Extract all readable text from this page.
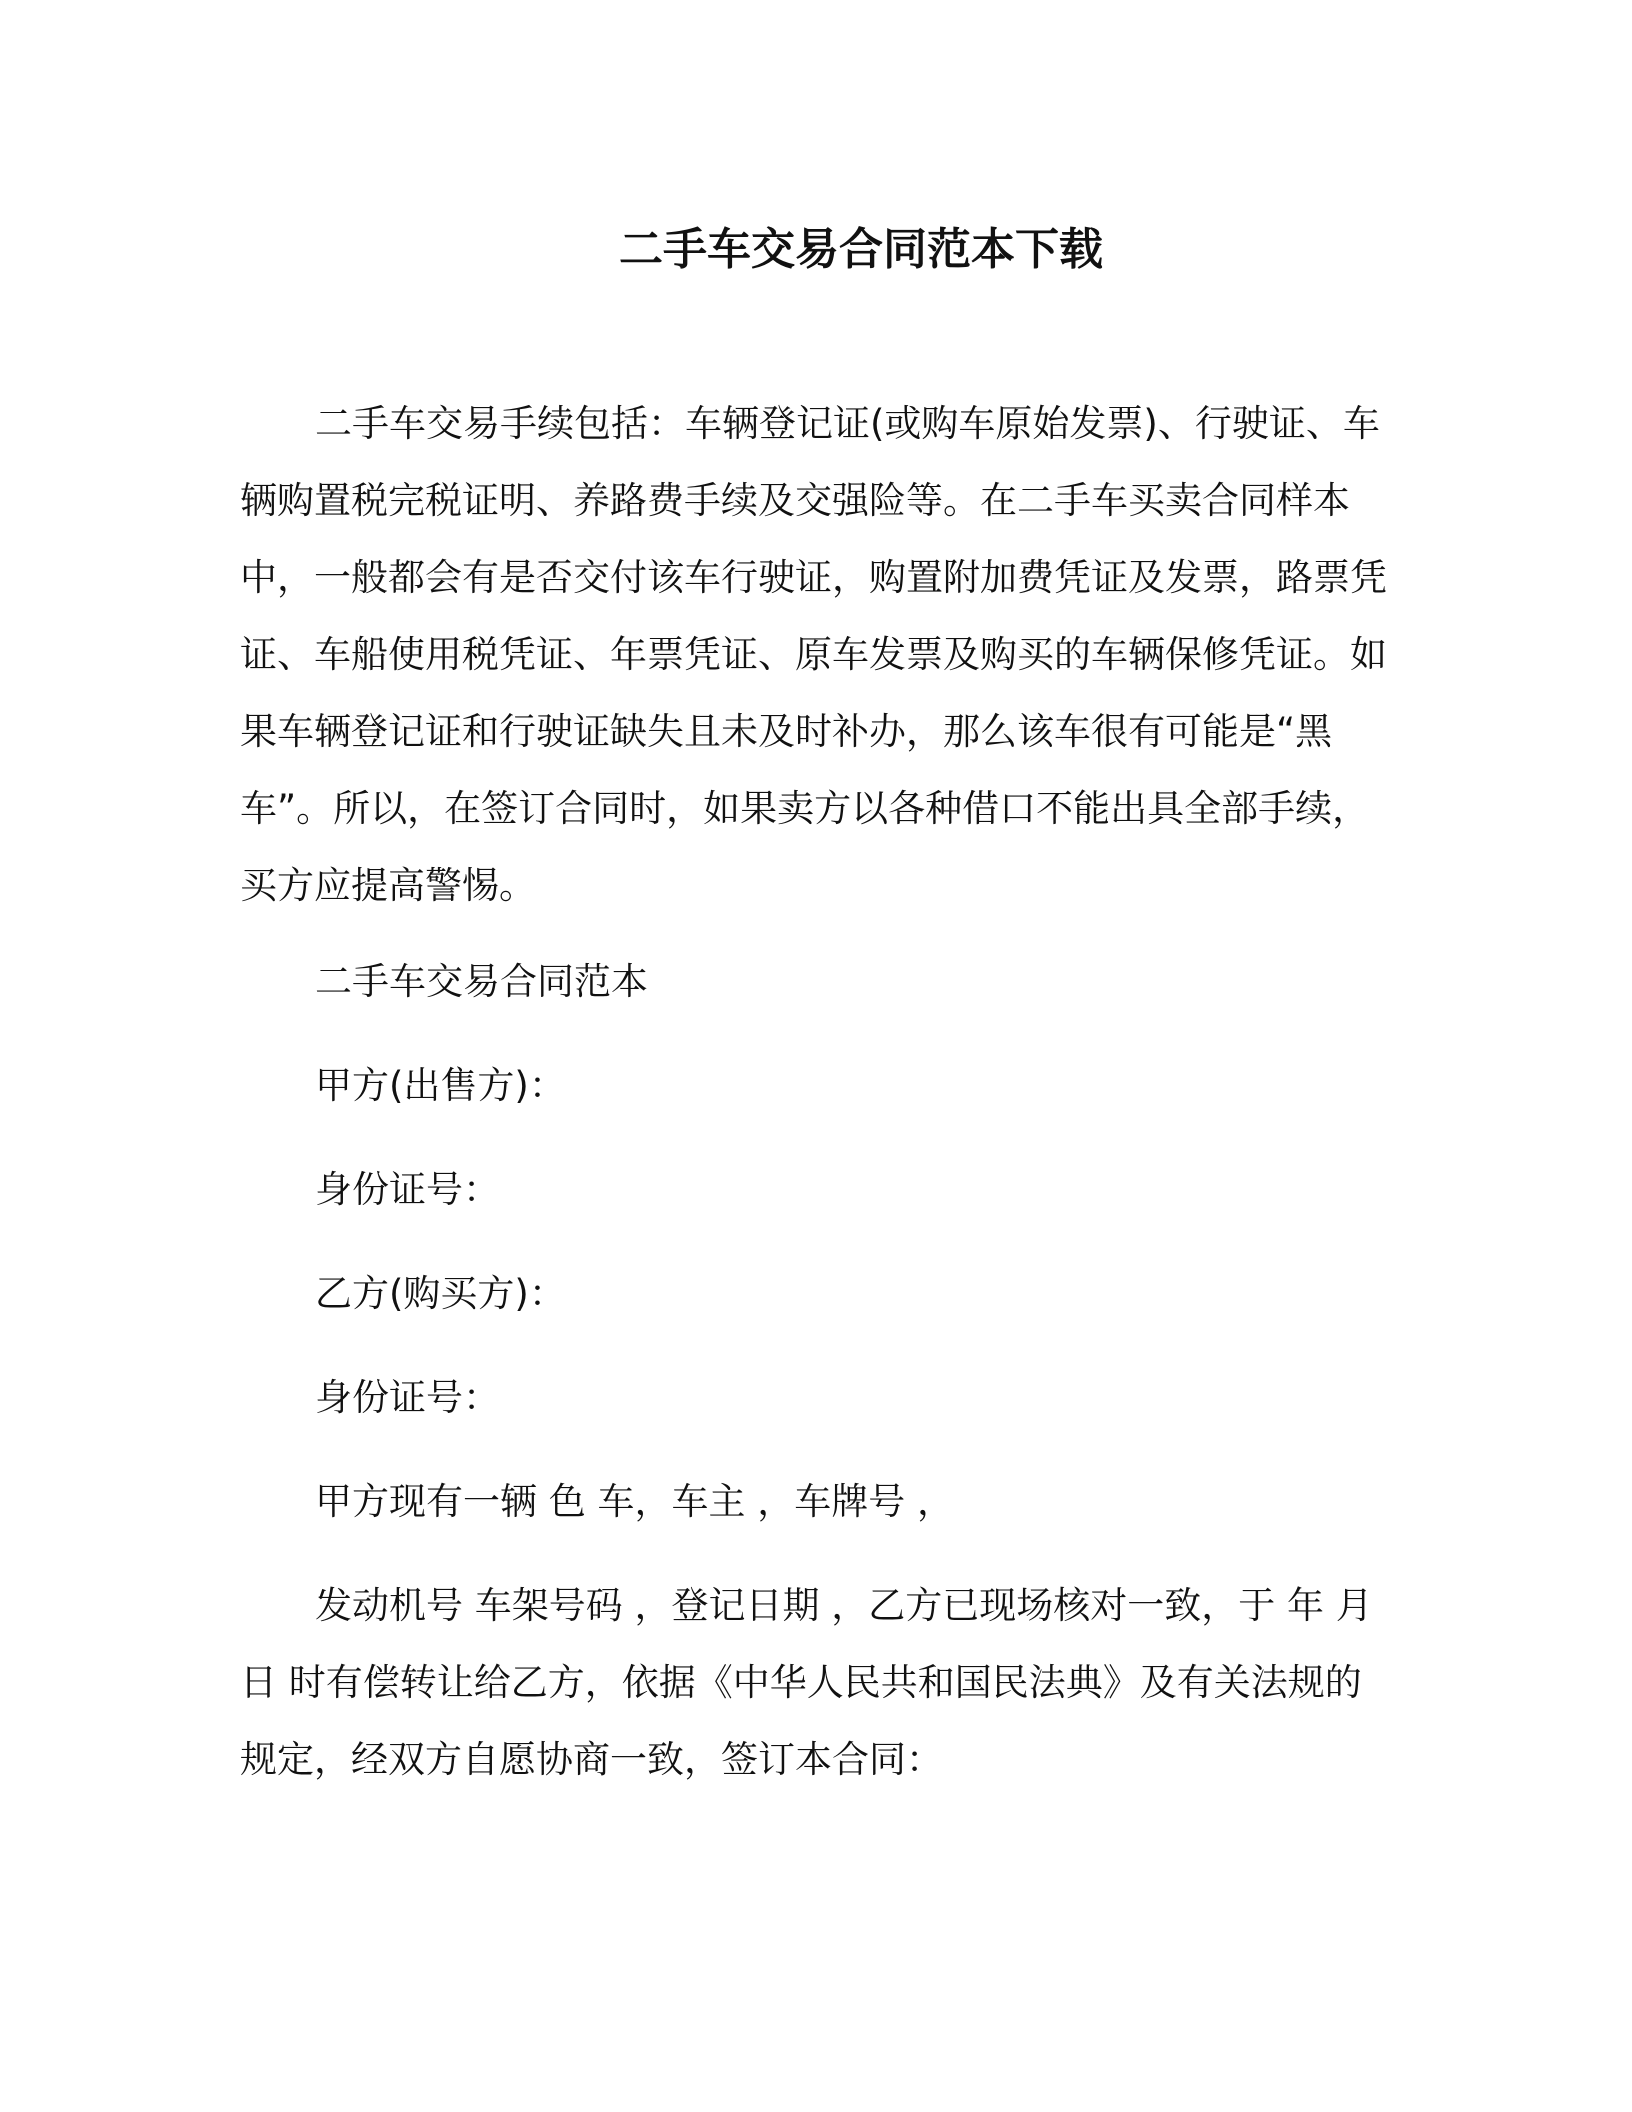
二手车交易合同范本下载

二手车交易手续包括：车辆登记证(或购车原始发票)、行驶证、车辆购置税完税证明、养路费手续及交强险等。在二手车买卖合同样本中，一般都会有是否交付该车行驶证，购置附加费凭证及发票，路票凭证、车船使用税凭证、年票凭证、原车发票及购买的车辆保修凭证。如果车辆登记证和行驶证缺失且未及时补办，那么该车很有可能是“黑车”。所以，在签订合同时，如果卖方以各种借口不能出具全部手续，买方应提高警惕。

二手车交易合同范本
甲方(出售方)：
身份证号：
乙方(购买方)：
身份证号：
甲方现有一辆 色 车，车主 ，车牌号 ，

发动机号 车架号码 ，登记日期 ，乙方已现场核对一致，于 年 月 日 时有偿转让给乙方，依据《中华人民共和国民法典》及有关法规的规定，经双方自愿协商一致，签订本合同：
